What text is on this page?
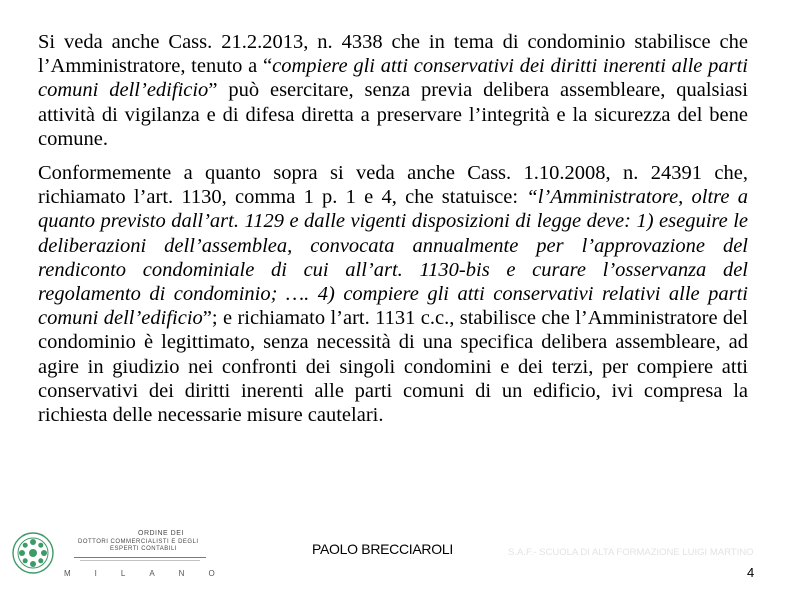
Si veda anche Cass. 21.2.2013, n. 4338 che in tema di condominio stabilisce che l’Amministratore, tenuto a “compiere gli atti conservativi dei diritti inerenti alle parti comuni dell’edificio” può esercitare, senza previa delibera assembleare, qualsiasi attività di vigilanza e di difesa diretta a preservare l’integrità e la sicurezza del bene comune.

Conformemente a quanto sopra si veda anche Cass. 1.10.2008, n. 24391 che, richiamato l’art. 1130, comma 1 p. 1 e 4, che statuisce: “l’Amministratore, oltre a quanto previsto dall’art. 1129 e dalle vigenti disposizioni di legge deve: 1) eseguire le deliberazioni dell’assemblea, convocata annualmente per l’approvazione del rendiconto condominiale di cui all’art. 1130-bis e curare l’osservanza del regolamento di condominio; …. 4) compiere gli atti conservativi relativi alle parti comuni dell’edificio”; e richiamato l’art. 1131 c.c., stabilisce che l’Amministratore del condominio è legittimato, senza necessità di una specifica delibera assembleare, ad agire in giudizio nei confronti dei singoli condomini e dei terzi, per compiere atti conservativi dei diritti inerenti alle parti comuni di un edificio, ivi compresa la richiesta delle necessarie misure cautelari.

ORDINE DEI
DOTTORI COMMERCIALISTI E DEGLI
ESPERTI CONTABILI
MILANO
PAOLO BRECCIAROLI	S.A.F.- SCUOLA DI ALTA FORMAZIONE LUIGI MARTINO
4
